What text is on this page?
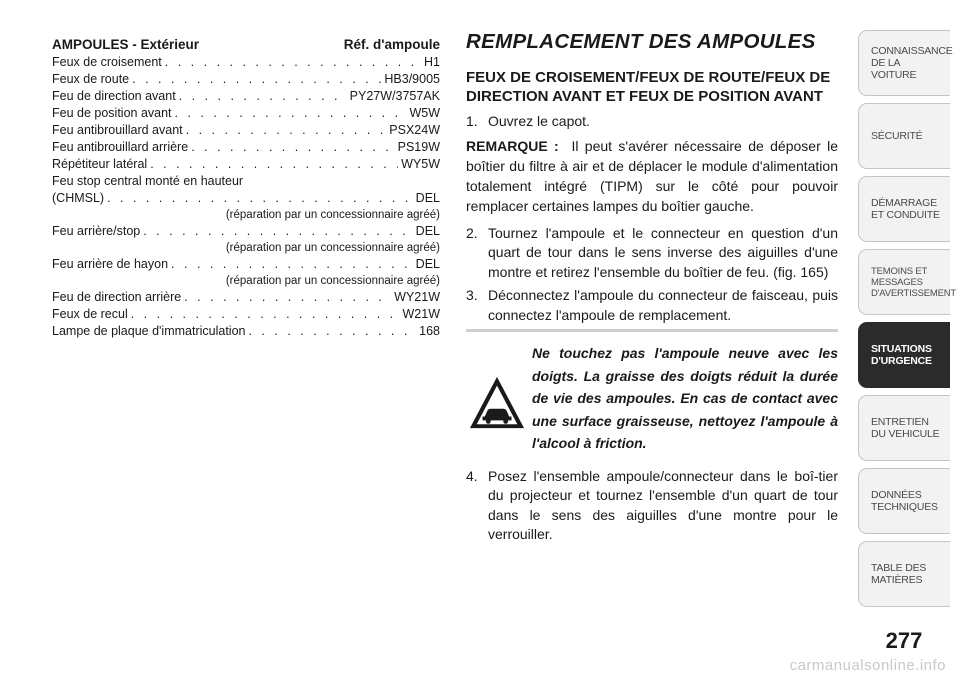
AMPOULES - Extérieur	Réf. d'ampoule
Feux de croisement . . .	H1
Feux de route . . .	HB3/9005
Feu de direction avant . . .	PY27W/3757AK
Feu de position avant . . .	W5W
Feu antibrouillard avant . . .	PSX24W
Feu antibrouillard arrière . . .	PS19W
Répétiteur latéral . . .	WY5W
Feu stop central monté en hauteur
(CHMSL) . . .	DEL
(réparation par un concessionnaire agréé)
Feu arrière/stop . . .	DEL
(réparation par un concessionnaire agréé)
Feu arrière de hayon . . .	DEL
(réparation par un concessionnaire agréé)
Feu de direction arrière . . .	WY21W
Feux de recul . . .	W21W
Lampe de plaque d'immatriculation . . .	168
REMPLACEMENT DES AMPOULES
FEUX DE CROISEMENT/FEUX DE ROUTE/FEUX DE DIRECTION AVANT ET FEUX DE POSITION AVANT
1. Ouvrez le capot.

REMARQUE : Il peut s'avérer nécessaire de déposer le boîtier du filtre à air et de déplacer le module d'alimentation totalement intégré (TIPM) sur le côté pour pouvoir remplacer certaines lampes du boîtier gauche.

2. Tournez l'ampoule et le connecteur en question d'un quart de tour dans le sens inverse des aiguilles d'une montre et retirez l'ensemble du boîtier de feu. (fig. 165)
3. Déconnectez l'ampoule du connecteur de faisceau, puis connectez l'ampoule de remplacement.

Ne touchez pas l'ampoule neuve avec les doigts. La graisse des doigts réduit la durée de vie des ampoules. En cas de contact avec une surface graisseuse, nettoyez l'ampoule à l'alcool à friction.

4. Posez l'ensemble ampoule/connecteur dans le boî-tier du projecteur et tournez l'ensemble d'un quart de tour dans le sens des aiguilles d'une montre pour le verrouiller.
CONNAISSANCE
DE LA VOITURE
SÉCURITÉ
DÉMARRAGE
ET CONDUITE
TEMOINS ET
MESSAGES
D'AVERTISSEMENT
SITUATIONS
D'URGENCE
ENTRETIEN
DU VEHICULE
DONNÉES
TECHNIQUES
TABLE DES
MATIÈRES
277
carmanualsonline.info
